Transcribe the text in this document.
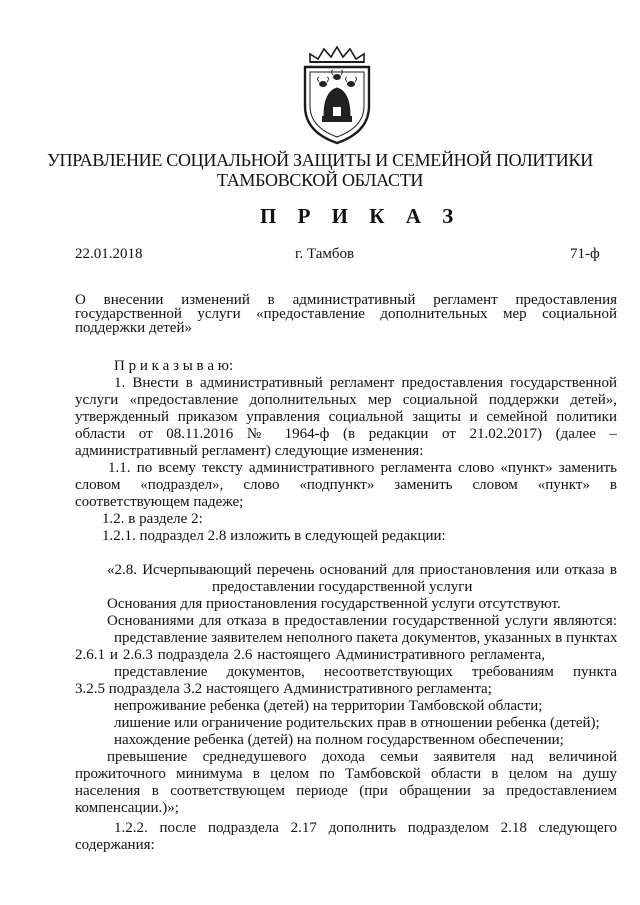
УПРАВЛЕНИЕ СОЦИАЛЬНОЙ ЗАЩИТЫ И СЕМЕЙНОЙ ПОЛИТИКИ
ТАМБОВСКОЙ ОБЛАСТИ
П Р И К А З
22.01.2018	г. Тамбов	71-ф
О внесении изменений в административный регламент предоставления
государственной услуги «предоставление дополнительных мер социальной
поддержки детей»
П р и к а з ы в а ю:
1. Внести в административный регламент предоставления государственной
услуги «предоставление дополнительных мер социальной поддержки детей»,
утвержденный приказом управления социальной защиты и семейной политики
области от 08.11.2016 № 1964-ф (в редакции от 21.02.2017) (далее –
административный регламент) следующие изменения:
1.1. по всему тексту административного регламента слово «пункт» заменить
словом «подраздел», слово «подпункт» заменить словом «пункт» в
соответствующем падеже;
1.2. в разделе 2:
1.2.1. подраздел 2.8 изложить в следующей редакции:
«2.8. Исчерпывающий перечень оснований для приостановления или отказа в
предоставлении государственной услуги
Основания для приостановления государственной услуги отсутствуют.
Основаниями для отказа в предоставлении государственной услуги являются:
представление заявителем неполного пакета документов, указанных в пунктах
2.6.1 и 2.6.3 подраздела 2.6 настоящего Административного регламента,
представление документов, несоответствующих требованиям пункта
3.2.5 подраздела 3.2 настоящего Административного регламента;
непроживание ребенка (детей) на территории Тамбовской области;
лишение или ограничение родительских прав в отношении ребенка (детей);
нахождение ребенка (детей) на полном государственном обеспечении;
превышение среднедушевого дохода семьи заявителя над величиной
прожиточного минимума в целом по Тамбовской области в целом на душу
населения в соответствующем периоде (при обращении за предоставлением
компенсации.)»;
1.2.2. после подраздела 2.17 дополнить подразделом 2.18 следующего
содержания:
